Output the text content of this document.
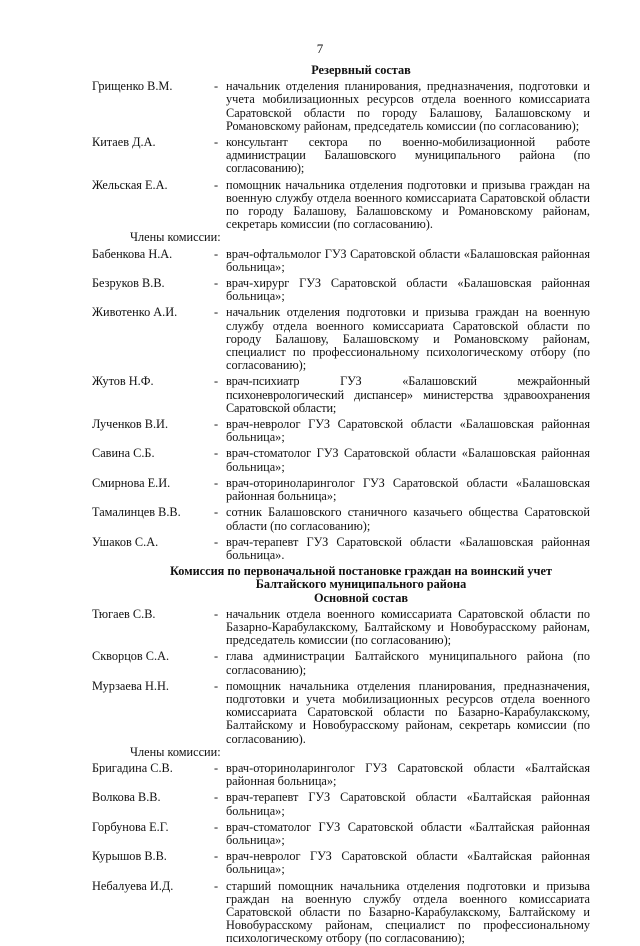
7
Резервный состав
Грищенко В.М.	- начальник отделения планирования, предназначения, подготовки и учета мобилизационных ресурсов отдела военного комиссариата Саратовской области по городу Балашову, Балашовскому и Романовскому районам, председатель комиссии (по согласованию);
Китаев Д.А.	- консультант сектора по военно-мобилизационной работе администрации Балашовского муниципального района (по согласованию);
Жельская Е.А.	- помощник начальника отделения подготовки и призыва граждан на военную службу отдела военного комиссариата Саратовской области по городу Балашову, Балашовскому и Романовскому районам, секретарь комиссии (по согласованию).
Члены комиссии:
Бабенкова Н.А.	- врач-офтальмолог ГУЗ Саратовской области «Балашовская районная больница»;
Безруков В.В.	- врач-хирург ГУЗ Саратовской области «Балашовская районная больница»;
Животенко А.И.	- начальник отделения подготовки и призыва граждан на военную службу отдела военного комиссариата Саратовской области по городу Балашову, Балашовскому и Романовскому районам, специалист по профессиональному психологическому отбору (по согласованию);
Жутов Н.Ф.	- врач-психиатр ГУЗ «Балашовский межрайонный психоневрологический диспансер» министерства здравоохранения Саратовской области;
Лученков В.И.	- врач-невролог ГУЗ Саратовской области «Балашовская районная больница»;
Савина С.Б.	- врач-стоматолог ГУЗ Саратовской области «Балашовская районная больница»;
Смирнова Е.И.	- врач-оториноларинголог ГУЗ Саратовской области «Балашовская районная больница»;
Тамалинцев В.В.	- сотник Балашовского станичного казачьего общества Саратовской области (по согласованию);
Ушаков С.А.	- врач-терапевт ГУЗ Саратовской области «Балашовская районная больница».
Комиссия по первоначальной постановке граждан на воинский учет
Балтайского муниципального района
Основной состав
Тюгаев С.В.	- начальник отдела военного комиссариата Саратовской области по Базарно-Карабулакскому, Балтайскому и Новобурасскому районам, председатель комиссии (по согласованию);
Скворцов С.А.	- глава администрации Балтайского муниципального района (по согласованию);
Мурзаева Н.Н.	- помощник начальника отделения планирования, предназначения, подготовки и учета мобилизационных ресурсов отдела военного комиссариата Саратовской области по Базарно-Карабулакскому, Балтайскому и Новобурасскому районам, секретарь комиссии (по согласованию).
Члены комиссии:
Бригадина С.В.	- врач-оториноларинголог ГУЗ Саратовской области «Балтайская районная больница»;
Волкова В.В.	- врач-терапевт ГУЗ Саратовской области «Балтайская районная больница»;
Горбунова Е.Г.	- врач-стоматолог ГУЗ Саратовской области «Балтайская районная больница»;
Курышов В.В.	- врач-невролог ГУЗ Саратовской области «Балтайская районная больница»;
Небалуева И.Д.	- старший помощник начальника отделения подготовки и призыва граждан на военную службу отдела военного комиссариата Саратовской области по Базарно-Карабулакскому, Балтайскому и Новобурасскому районам, специалист по профессиональному психологическому отбору (по согласованию);
